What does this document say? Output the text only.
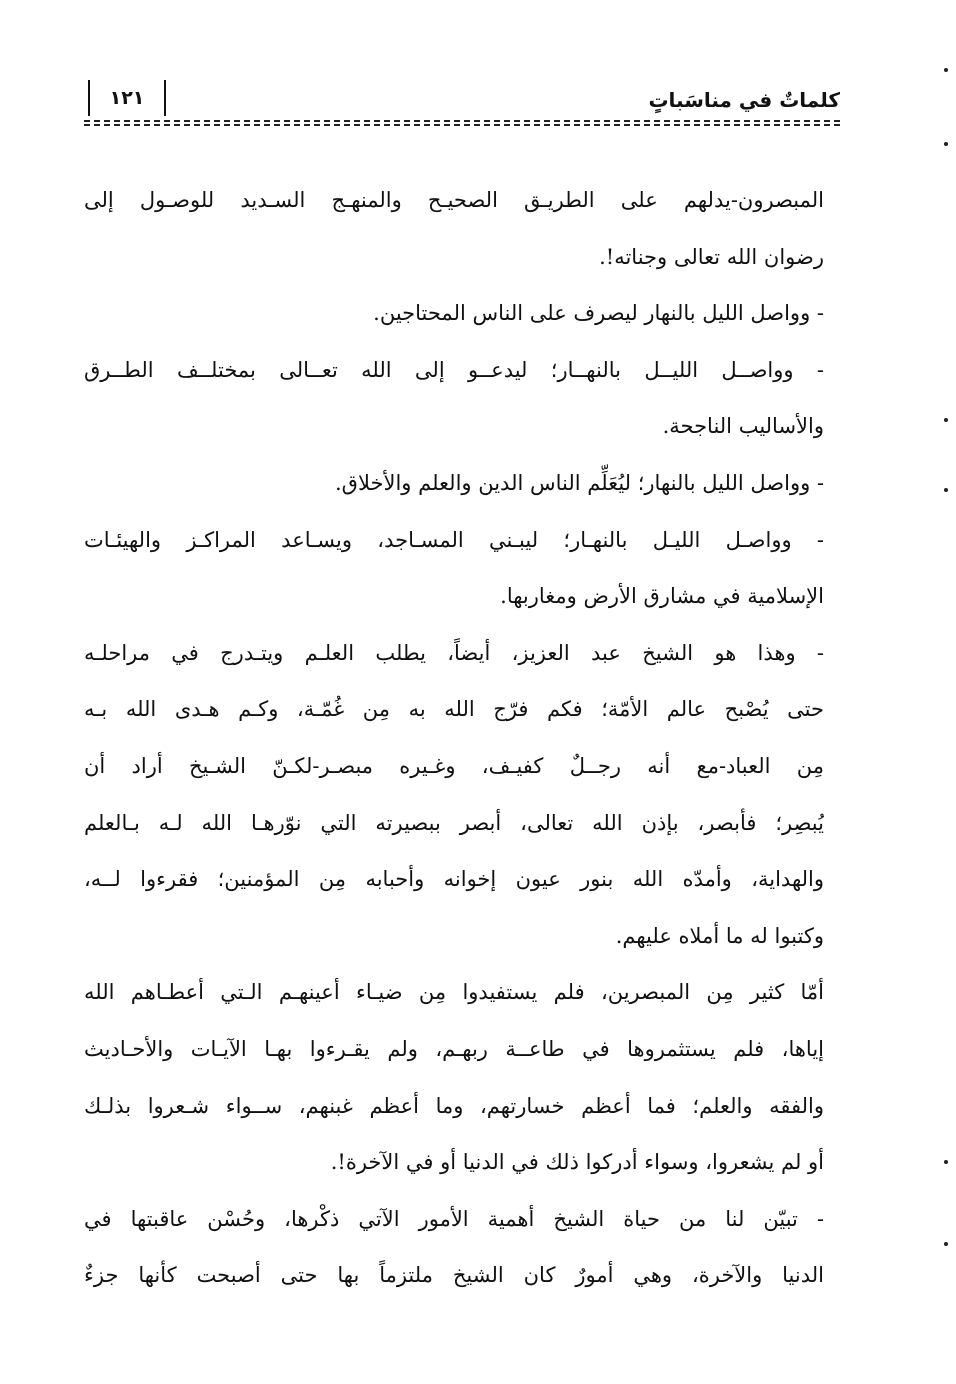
كلماتٌ في مناسَباتٍ
١٢١
المبصرون-يدلهم على الطريـق الصحيـح والمنهـج السـديد للوصـول إلى
رضوان الله تعالى وجناته!.
- وواصل الليل بالنهار ليصرف على الناس المحتاجين.
- وواصــل الليــل بالنهــار؛ ليدعــو إلى الله تعــالى بمختلــف الطــرق
والأساليب الناجحة.
- وواصل الليل بالنهار؛ ليُعَلِّم الناس الدين والعلم والأخلاق.
- وواصـل الليـل بالنهـار؛ ليبـني المسـاجد، ويسـاعد المراكـز والهيئـات
الإسلامية في مشارق الأرض ومغاربها.
- وهذا هو الشيخ عبد العزيز، أيضاً، يطلب العلـم ويتـدرج في مراحلـه
حتى يُصْبح عالم الأمّة؛ فكم فرّج الله به مِن غُمّـة، وكـم هـدى الله بـه
مِن العباد-مع أنه رجــلٌ كفيـف، وغـيره مبصـر-لكـنّ الشـيخ أراد أن
يُبصِر؛ فأبصر، بإذن الله تعالى، أبصر ببصيرته التي نوّرهـا الله لـه بـالعلم
والهداية، وأمدّه الله بنور عيون إخوانه وأحبابه مِن المؤمنين؛ فقرءوا لــه،
وكتبوا له ما أملاه عليهم.
أمّا كثير مِن المبصرين، فلم يستفيدوا مِن ضيـاء أعينهـم الـتي أعطـاهم الله
إياها، فلم يستثمروها في طاعــة ربهـم، ولم يقـرءوا بهـا الآيـات والأحـاديث
والفقه والعلم؛ فما أعظم خسارتهم، وما أعظم غبنهم، ســواء شـعروا بذلـك
أو لم يشعروا، وسواء أدركوا ذلك في الدنيا أو في الآخرة!.
- تبيّن لنا من حياة الشيخ أهمية الأمور الآتي ذكْرها، وحُسْن عاقبتها في
الدنيا والآخرة، وهي أمورٌ كان الشيخ ملتزماً بها حتى أصبحت كأنها جزءٌ
